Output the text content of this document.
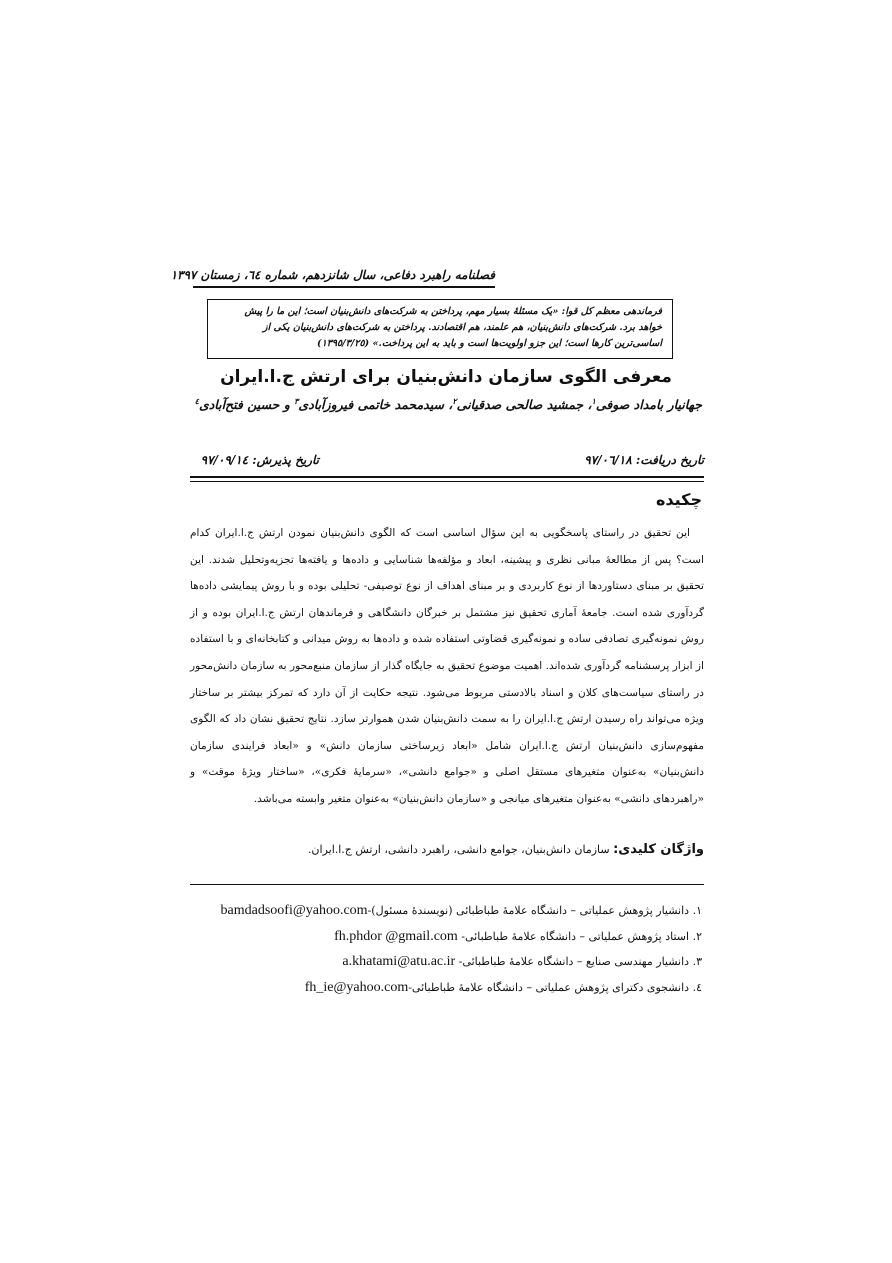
فصلنامه راهبرد دفاعی، سال شانزدهم، شماره ٦٤، زمستان ١٣٩٧

فرماندهی معظم کل قوا: «یک مسئلهٔ بسیار مهم، پرداختن به شرکت‌های دانش‌بنیان است؛ این ما را پیش خواهد برد. شرکت‌های دانش‌بنیان، هم علمند، هم اقتصادند. پرداختن به شرکت‌های دانش‌بنیان یکی از اساسی‌ترین کارها است؛ این جزو اولویت‌ها است و باید به این پرداخت.» (١٣٩٥/٣/٢٥)

معرفی الگوی سازمان دانش‌بنیان برای ارتش ج.ا.ایران
جهانیار بامداد صوفی$^١$، جمشید صالحی صدقیانی$^٢$، سیدمحمد خاتمی فیروزآبادی$^٣$ و حسین فتح‌آبادی$^٤$
تاریخ دریافت: ٩٧/٠٦/١٨
تاریخ پذیرش: ٩٧/٠٩/١٤
چکیده

این تحقیق در راستای پاسخگویی به این سؤال اساسی است که الگوی دانش‌بنیان نمودن ارتش ج.ا.ایران کدام است؟ پس از مطالعهٔ مبانی نظری و پیشینه، ابعاد و مؤلفه‌ها شناسایی و داده‌ها و یافته‌ها تجزیه‌وتحلیل شدند. این تحقیق بر مبنای دستاوردها از نوع کاربردی و بر مبنای اهداف از نوع توصیفی- تحلیلی بوده و با روش پیمایشی داده‌ها گردآوری شده است. جامعهٔ آماری تحقیق نیز مشتمل بر خبرگان دانشگاهی و فرماندهان ارتش ج.ا.ایران بوده و از روش نمونه‌گیری تصادفی ساده و نمونه‌گیری قضاوتی استفاده شده و داده‌ها به روش میدانی و کتابخانه‌ای و با استفاده از ابزار پرسشنامه گردآوری شده‌اند. اهمیت موضوع تحقیق به جایگاه گذار از سازمان منبع‌محور به سازمان دانش‌محور در راستای سیاست‌های کلان و اسناد بالادستی مربوط می‌شود. نتیجه حکایت از آن دارد که تمرکز بیشتر بر ساختار ویژه می‌تواند راه رسیدن ارتش ج.ا.ایران را به سمت دانش‌بنیان شدن هموارتر سازد. نتایج تحقیق نشان داد که الگوی مفهوم‌سازی دانش‌بنیان ارتش ج.ا.ایران شامل «ابعاد زیرساختی سازمان دانش» و «ابعاد فرایندی سازمان دانش‌بنیان» به‌عنوان متغیرهای مستقل اصلی و «جوامع دانشی»، «سرمایهٔ فکری»، «ساختار ویژهٔ موقت» و «راهبردهای دانشی» به‌عنوان متغیرهای میانجی و «سازمان دانش‌بنیان» به‌عنوان متغیر وابسته می‌باشد.

واژگان کلیدی: سازمان دانش‌بنیان، جوامع دانشی، راهبرد دانشی، ارتش ج.ا.ایران.
١. دانشیار پژوهش عملیاتی – دانشگاه علامهٔ طباطبائی (نویسندهٔ مسئول)-bamdadsoofi@yahoo.com
٢. استاد پژوهش عملیاتی – دانشگاه علامهٔ طباطبائی- fh.phdor @gmail.com
٣. دانشیار مهندسی صنایع – دانشگاه علامهٔ طباطبائی- a.khatami@atu.ac.ir
٤. دانشجوی دکترای پژوهش عملیاتی – دانشگاه علامهٔ طباطبائی-fh_ie@yahoo.com
